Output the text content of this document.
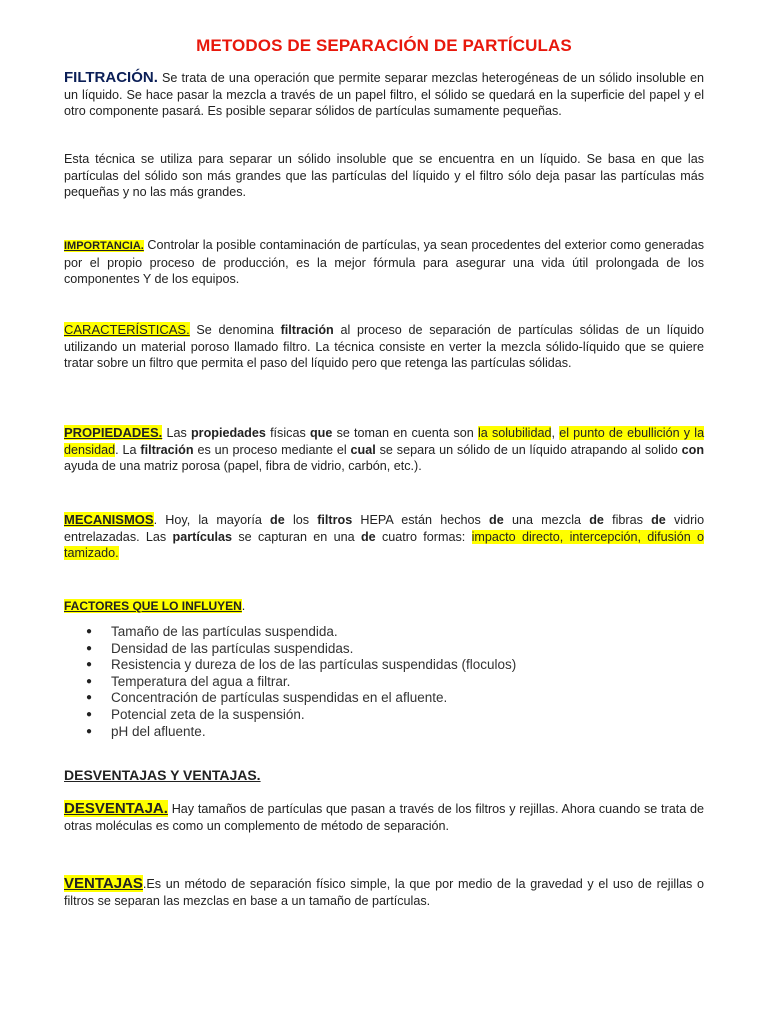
METODOS DE SEPARACIÓN DE PARTÍCULAS

FILTRACIÓN. Se trata de una operación que permite separar mezclas heterogéneas de un sólido insoluble en un líquido. Se hace pasar la mezcla a través de un papel filtro, el sólido se quedará en la superficie del papel y el otro componente pasará. Es posible separar sólidos de partículas sumamente pequeñas.

Esta técnica se utiliza para separar un sólido insoluble que se encuentra en un líquido. Se basa en que las partículas del sólido son más grandes que las partículas del líquido y el filtro sólo deja pasar las partículas más pequeñas y no las más grandes.

IMPORTANCIA. Controlar la posible contaminación de partículas, ya sean procedentes del exterior como generadas por el propio proceso de producción, es la mejor fórmula para asegurar una vida útil prolongada de los componentes Y de los equipos.

CARACTERÍSTICAS. Se denomina filtración al proceso de separación de partículas sólidas de un líquido utilizando un material poroso llamado filtro. La técnica consiste en verter la mezcla sólido-líquido que se quiere tratar sobre un filtro que permita el paso del líquido pero que retenga las partículas sólidas.

PROPIEDADES. Las propiedades físicas que se toman en cuenta son la solubilidad, el punto de ebullición y la densidad. La filtración es un proceso mediante el cual se separa un sólido de un líquido atrapando al solido con ayuda de una matriz porosa (papel, fibra de vidrio, carbón, etc.).

MECANISMOS. Hoy, la mayoría de los filtros HEPA están hechos de una mezcla de fibras de vidrio entrelazadas. Las partículas se capturan en una de cuatro formas: impacto directo, intercepción, difusión o tamizado.

FACTORES QUE LO INFLUYEN.

● Tamaño de las partículas suspendida.
● Densidad de las partículas suspendidas.
● Resistencia y dureza de los de las partículas suspendidas (floculos)
● Temperatura del agua a filtrar.
● Concentración de partículas suspendidas en el afluente.
● Potencial zeta de la suspensión.
● pH del afluente.

DESVENTAJAS Y VENTAJAS.

DESVENTAJA. Hay tamaños de partículas que pasan a través de los filtros y rejillas. Ahora cuando se trata de otras moléculas es como un complemento de método de separación.

VENTAJAS.Es un método de separación físico simple, la que por medio de la gravedad y el uso de rejillas o filtros se separan las mezclas en base a un tamaño de partículas.
